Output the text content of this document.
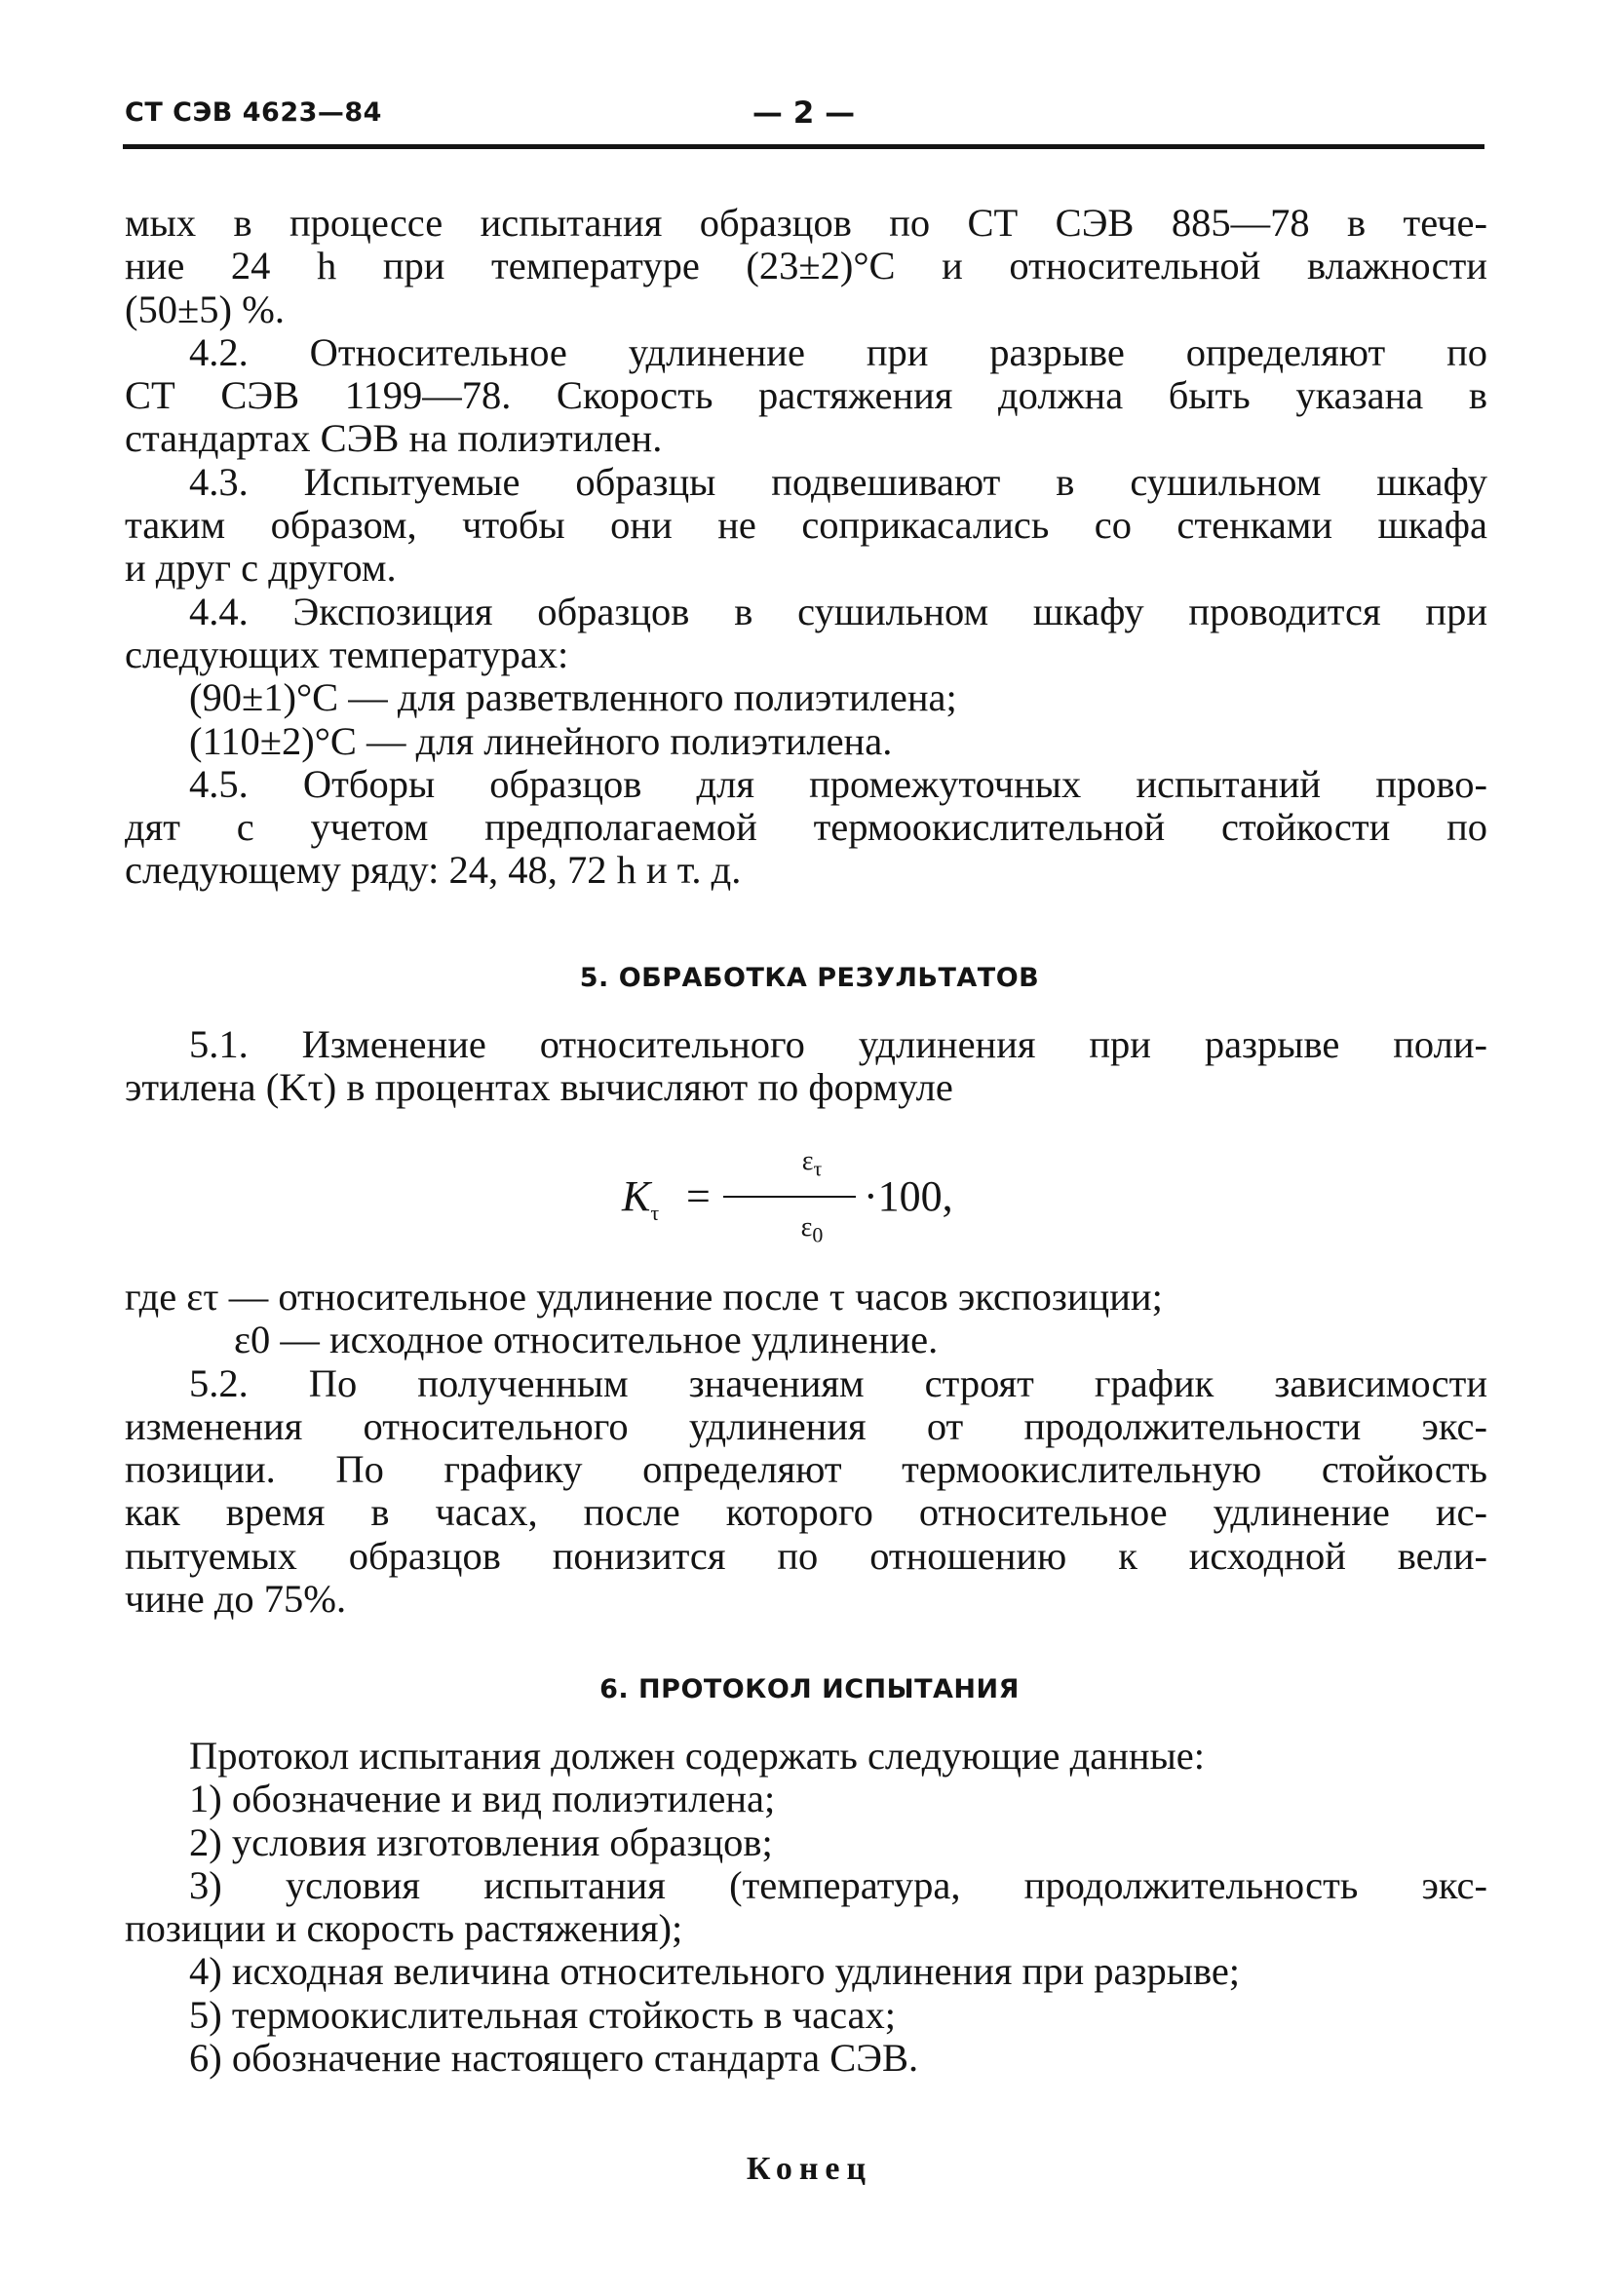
СТ СЭВ 4623—84	— 2 —
мых в процессе испытания образцов по СТ СЭВ 885—78 в тече-
ние 24 h при температуре (23±2)°С и относительной влажности
(50±5) %.
4.2. Относительное удлинение при разрыве определяют по
СТ СЭВ 1199—78. Скорость растяжения должна быть указана в
стандартах СЭВ на полиэтилен.
4.3. Испытуемые образцы подвешивают в сушильном шкафу
таким образом, чтобы они не соприкасались со стенками шкафа
и друг с другом.
4.4. Экспозиция образцов в сушильном шкафу проводится при
следующих температурах:
(90±1)°С — для разветвленного полиэтилена;
(110±2)°С — для линейного полиэтилена.
4.5. Отборы образцов для промежуточных испытаний прово-
дят с учетом предполагаемой термоокислительной стойкости по
следующему ряду: 24, 48, 72 h и т. д.
5. ОБРАБОТКА РЕЗУЛЬТАТОВ
5.1. Изменение относительного удлинения при разрыве поли-
этилена (Kτ) в процентах вычисляют по формуле
$K_\tau$ =
$\varepsilon_\tau$
$\varepsilon_0$
·100,
где ετ — относительное удлинение после τ часов экспозиции;
ε0 — исходное относительное удлинение.
5.2. По полученным значениям строят график зависимости
изменения относительного удлинения от продолжительности экс-
позиции. По графику определяют термоокислительную стойкость
как время в часах, после которого относительное удлинение ис-
пытуемых образцов понизится по отношению к исходной вели-
чине до 75%.
6. ПРОТОКОЛ ИСПЫТАНИЯ
Протокол испытания должен содержать следующие данные:
1) обозначение и вид полиэтилена;
2) условия изготовления образцов;
3) условия испытания (температура, продолжительность экс-
позиции и скорость растяжения);
4) исходная величина относительного удлинения при разрыве;
5) термоокислительная стойкость в часах;
6) обозначение настоящего стандарта СЭВ.
Конец
